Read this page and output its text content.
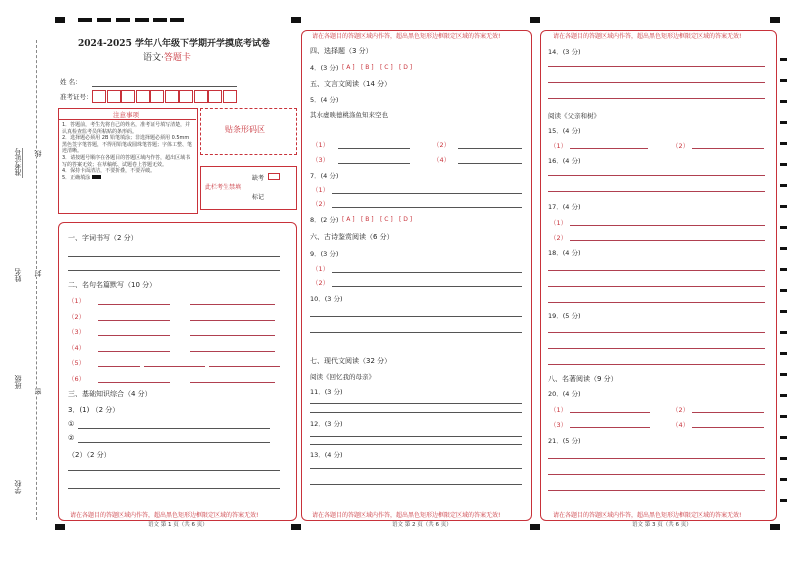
准考证号
姓名
班级
学校
线
封
密
2024-2025 学年八年级下学期开学摸底考试卷
语文·答题卡
姓 名：
准考证号：
注意事项
1．答题前，考生先将自己的姓名，准考证号填写清楚，并认真检查监考员所粘贴的条形码。
2．选择题必须用 2B 铅笔填涂；非选择题必须用 0.5mm 黑色签字笔答题，不得用铅笔或圆珠笔答题；字体工整、笔迹清晰。
3．请按题号顺序在各题目的答题区域内作答，超出区域书写的答案无效；在草稿纸、试题卷上答题无效。
4．保持卡面清洁，不要折叠，不要弄破。
5．正确填涂
贴条形码区
此栏考生禁填
缺考
标记
一、字词书写（2 分）
二、名句名篇默写（10 分）
（1）
（2）
（3）
（4）
（5）
（6）
三、基础知识综合（4 分）
3．(1) （2 分）
①
②
（2）（2 分）
请在各题目的答题区域内作答，超出黑色矩形边框限定区域的答案无效!
语文 第 1 页（共 6 页）
请在各题目的答题区域内作答，超出黑色矩形边框限定区域的答案无效!
请在各题目的答题区域内作答，超出黑色矩形边框限定区域的答案无效!
语文 第 2 页（共 6 页）
四、选择题（3 分）
4．(3 分) [ A ] [ B ] [ C ] [ D ]
五、文言文阅读（14 分）
5．(4 分)
其水虚映德桃涤鱼知来空也
（1）	（2）
（3）	（4）
7．(4 分)
（1）
（2）
8．(2 分) [ A ] [ B ] [ C ] [ D ]
六、古诗鉴赏阅读（6 分）
9．(3 分)
（1）
（2）
10．(3 分)
七、现代文阅读（32 分）
阅读《回忆我的母亲》
11．(3 分)
12．(3 分)
13．(4 分)
请在各题目的答题区域内作答，超出黑色矩形边框限定区域的答案无效!
请在各题目的答题区域内作答，超出黑色矩形边框限定区域的答案无效!
语文 第 3 页（共 6 页）
14．(3 分)
阅读《父亲和树》
15．(4 分)
（1）	（2）
16．(4 分)
17．(4 分)
（1）
（2）
18．(4 分)
19．(5 分)
八、名著阅读（9 分）
20．(4 分)
（1）	（2）
（3）	（4）
21．(5 分)
